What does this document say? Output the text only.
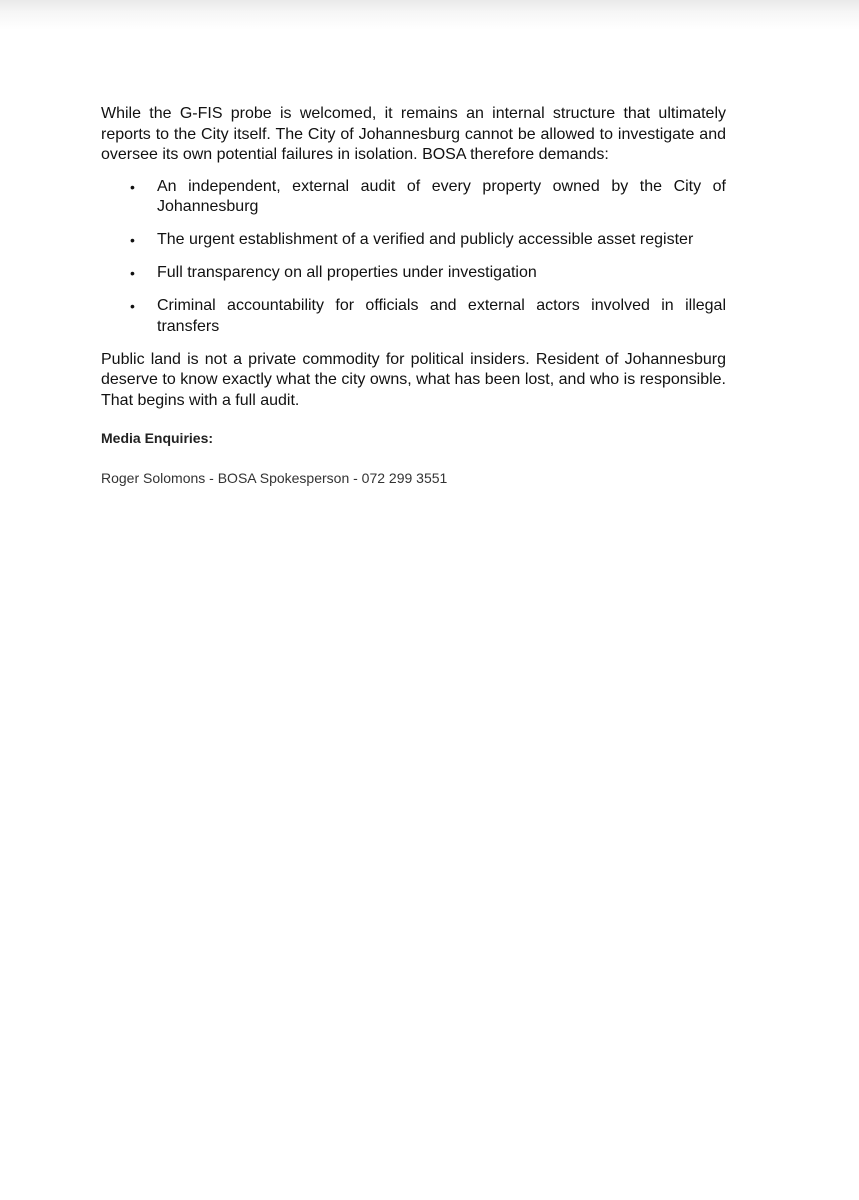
While the G-FIS probe is welcomed, it remains an internal structure that ultimately reports to the City itself. The City of Johannesburg cannot be allowed to investigate and oversee its own potential failures in isolation. BOSA therefore demands:

• An independent, external audit of every property owned by the City of Johannesburg
• The urgent establishment of a verified and publicly accessible asset register
• Full transparency on all properties under investigation
• Criminal accountability for officials and external actors involved in illegal transfers

Public land is not a private commodity for political insiders. Resident of Johannesburg deserve to know exactly what the city owns, what has been lost, and who is responsible. That begins with a full audit.

Media Enquiries:

Roger Solomons - BOSA Spokesperson - 072 299 3551
